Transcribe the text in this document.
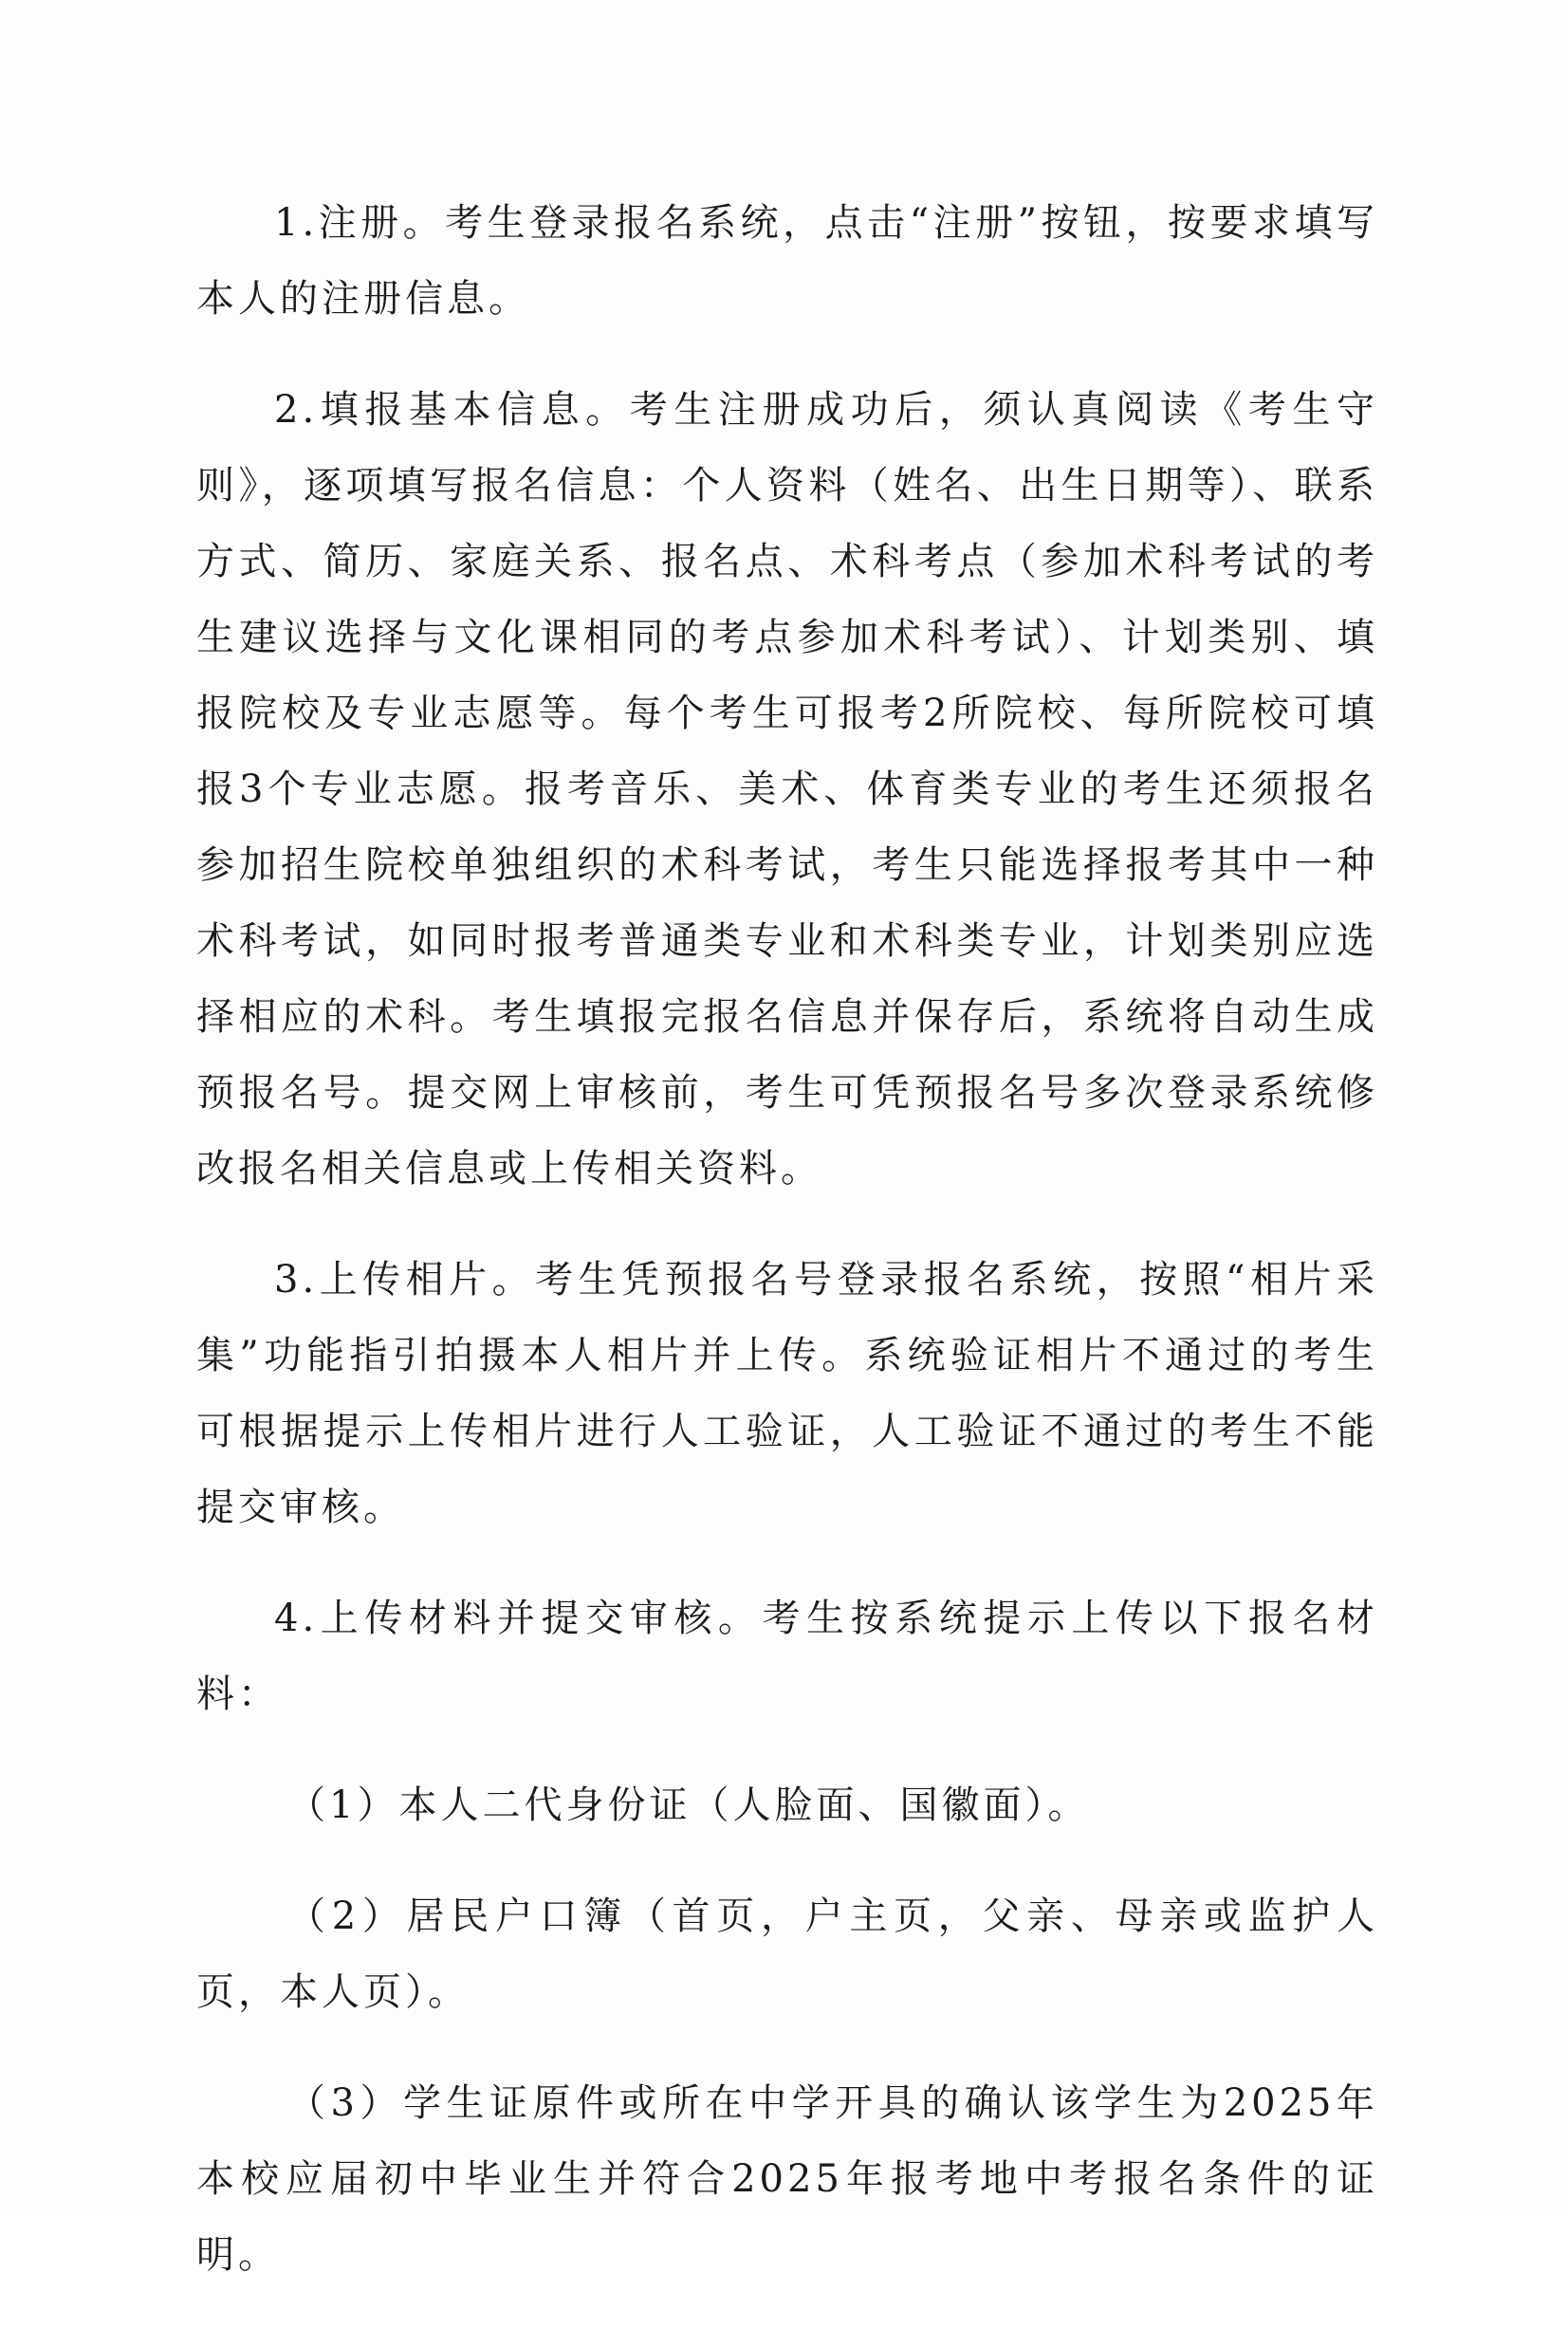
1.注册。考生登录报名系统，点击“注册”按钮，按要求填写本人的注册信息。

2.填报基本信息。考生注册成功后，须认真阅读《考生守则》，逐项填写报名信息：个人资料（姓名、出生日期等）、联系方式、简历、家庭关系、报名点、术科考点（参加术科考试的考生建议选择与文化课相同的考点参加术科考试）、计划类别、填报院校及专业志愿等。每个考生可报考2所院校、每所院校可填报3个专业志愿。报考音乐、美术、体育类专业的考生还须报名参加招生院校单独组织的术科考试，考生只能选择报考其中一种术科考试，如同时报考普通类专业和术科类专业，计划类别应选择相应的术科。考生填报完报名信息并保存后，系统将自动生成预报名号。提交网上审核前，考生可凭预报名号多次登录系统修改报名相关信息或上传相关资料。

3.上传相片。考生凭预报名号登录报名系统，按照“相片采集”功能指引拍摄本人相片并上传。系统验证相片不通过的考生可根据提示上传相片进行人工验证，人工验证不通过的考生不能提交审核。

4.上传材料并提交审核。考生按系统提示上传以下报名材料：

（1）本人二代身份证（人脸面、国徽面）。

（2）居民户口簿（首页，户主页，父亲、母亲或监护人页，本人页）。

（3）学生证原件或所在中学开具的确认该学生为2025年本校应届初中毕业生并符合2025年报考地中考报名条件的证明。
